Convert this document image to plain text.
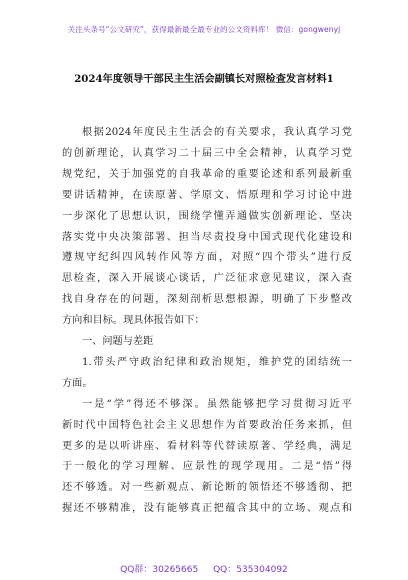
关注头条号“公文研究”，获得最新最全最专业的公文资料库！ 微信：gongwenyj
2024年度领导干部民主生活会副镇长对照检查发言材料1
根据2024年度民主生活会的有关要求，我认真学习党
的创新理论，认真学习二十届三中全会精神，认真学习党
规党纪，关于加强党的自我革命的重要论述和系列最新重
要讲话精神，在读原著、学原文、悟原理和学习讨论中进
一步深化了思想认识，围绕学懂弄通做实创新理论、坚决
落实党中央决策部署、担当尽责投身中国式现代化建设和
遵规守纪纠四风转作风等方面，对照“四个带头”进行反
思检查，深入开展谈心谈话，广泛征求意见建议，深入查
找自身存在的问题，深刻剖析思想根源，明确了下步整改
方向和目标。现具体报告如下：
一、问题与差距
1.带头严守政治纪律和政治规矩，维护党的团结统一
方面。
一是“学”得还不够深。虽然能够把学习贯彻习近平
新时代中国特色社会主义思想作为首要政治任务来抓，但
更多的是以听讲座、看材料等代替读原著、学经典，满足
于一般化的学习理解、应景性的现学现用。二是“悟”得
还不够透。对一些新观点、新论断的领悟还不够透彻、把
握还不够精准，没有能够真正把蕴含其中的立场、观点和
QQ群：30265665 QQ：535304092
